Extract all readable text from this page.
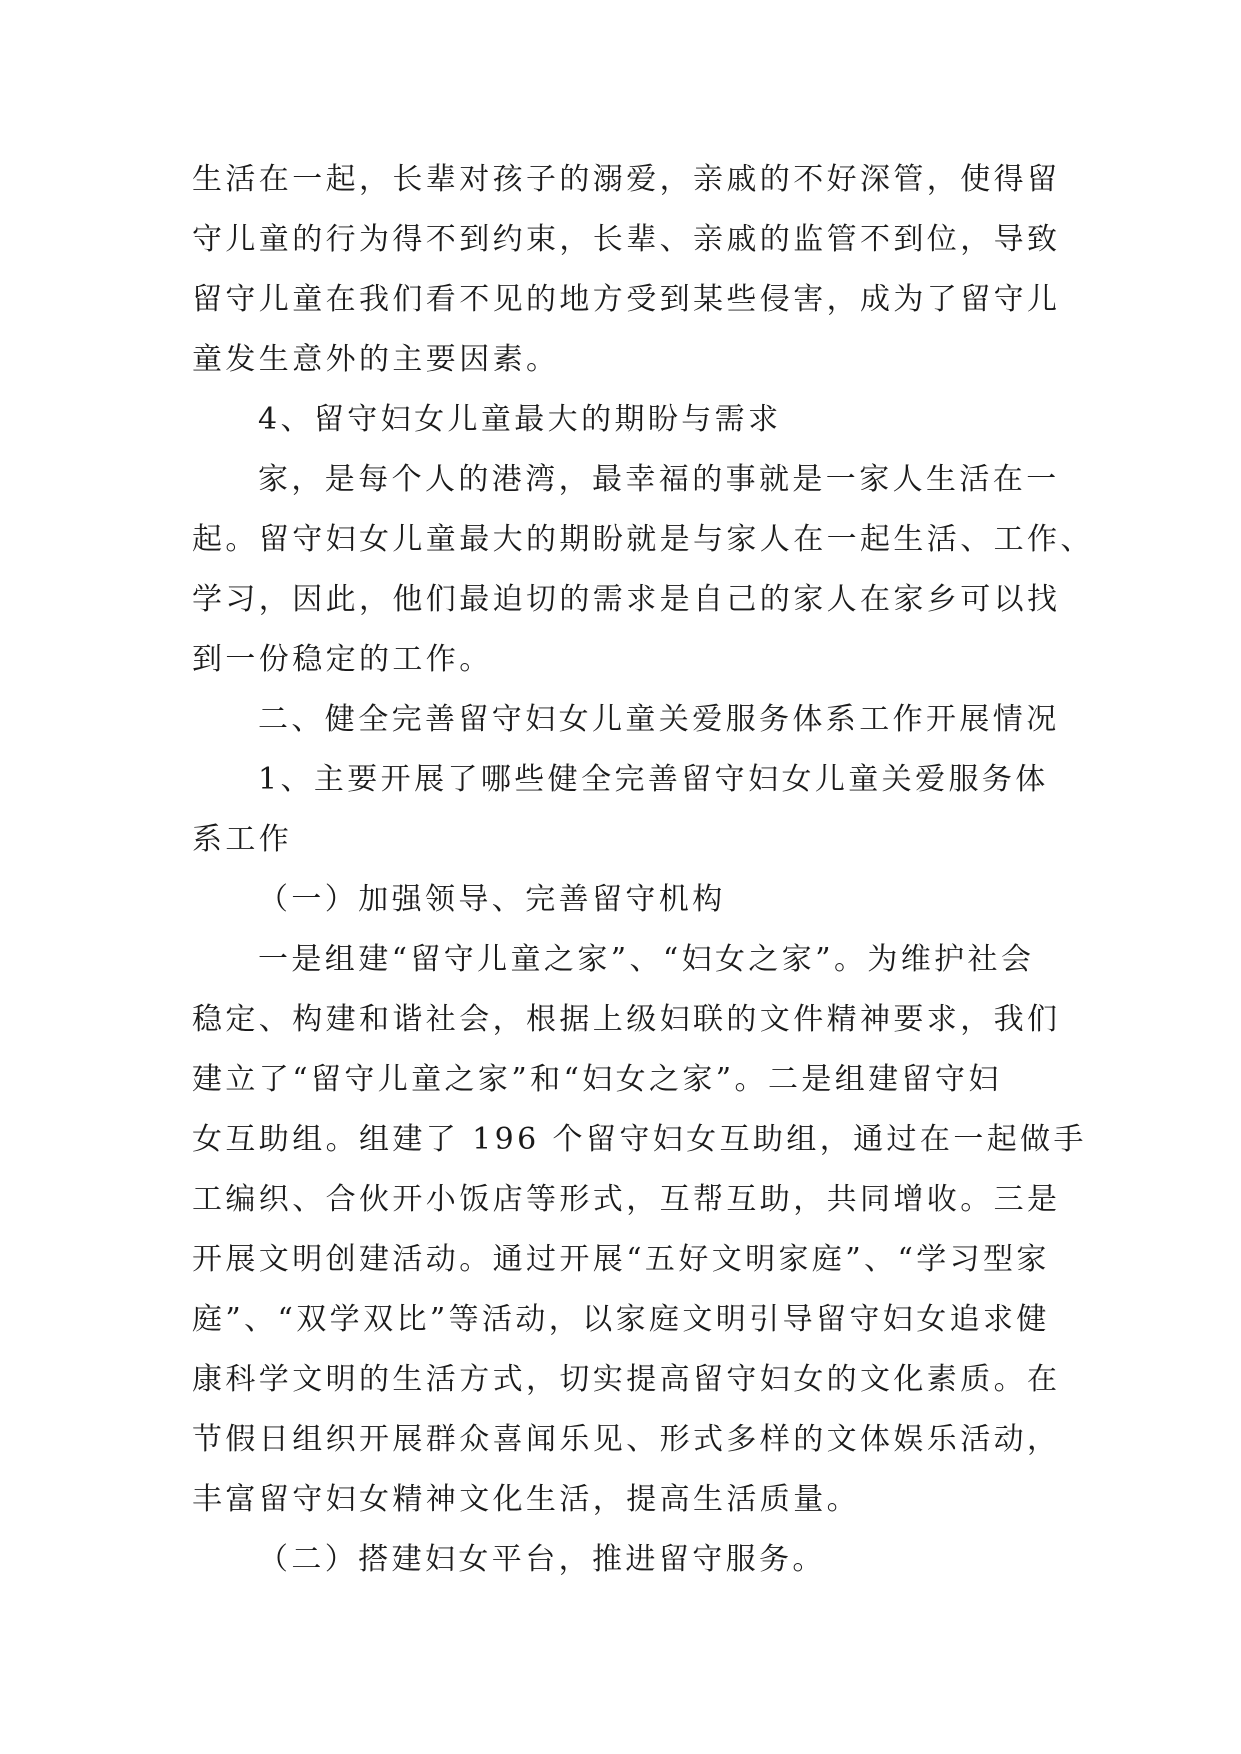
生活在一起，长辈对孩子的溺爱，亲戚的不好深管，使得留
守儿童的行为得不到约束，长辈、亲戚的监管不到位，导致
留守儿童在我们看不见的地方受到某些侵害，成为了留守儿
童发生意外的主要因素。
4、留守妇女儿童最大的期盼与需求
家，是每个人的港湾，最幸福的事就是一家人生活在一
起。留守妇女儿童最大的期盼就是与家人在一起生活、工作、
学习，因此，他们最迫切的需求是自己的家人在家乡可以找
到一份稳定的工作。
二、健全完善留守妇女儿童关爱服务体系工作开展情况
1、主要开展了哪些健全完善留守妇女儿童关爱服务体
系工作
（一）加强领导、完善留守机构
一是组建“留守儿童之家”、“妇女之家”。为维护社会
稳定、构建和谐社会，根据上级妇联的文件精神要求，我们
建立了“留守儿童之家”和“妇女之家”。二是组建留守妇
女互助组。组建了 196 个留守妇女互助组，通过在一起做手
工编织、合伙开小饭店等形式，互帮互助，共同增收。三是
开展文明创建活动。通过开展“五好文明家庭”、“学习型家
庭”、“双学双比”等活动，以家庭文明引导留守妇女追求健
康科学文明的生活方式，切实提高留守妇女的文化素质。在
节假日组织开展群众喜闻乐见、形式多样的文体娱乐活动，
丰富留守妇女精神文化生活，提高生活质量。
（二）搭建妇女平台，推进留守服务。
